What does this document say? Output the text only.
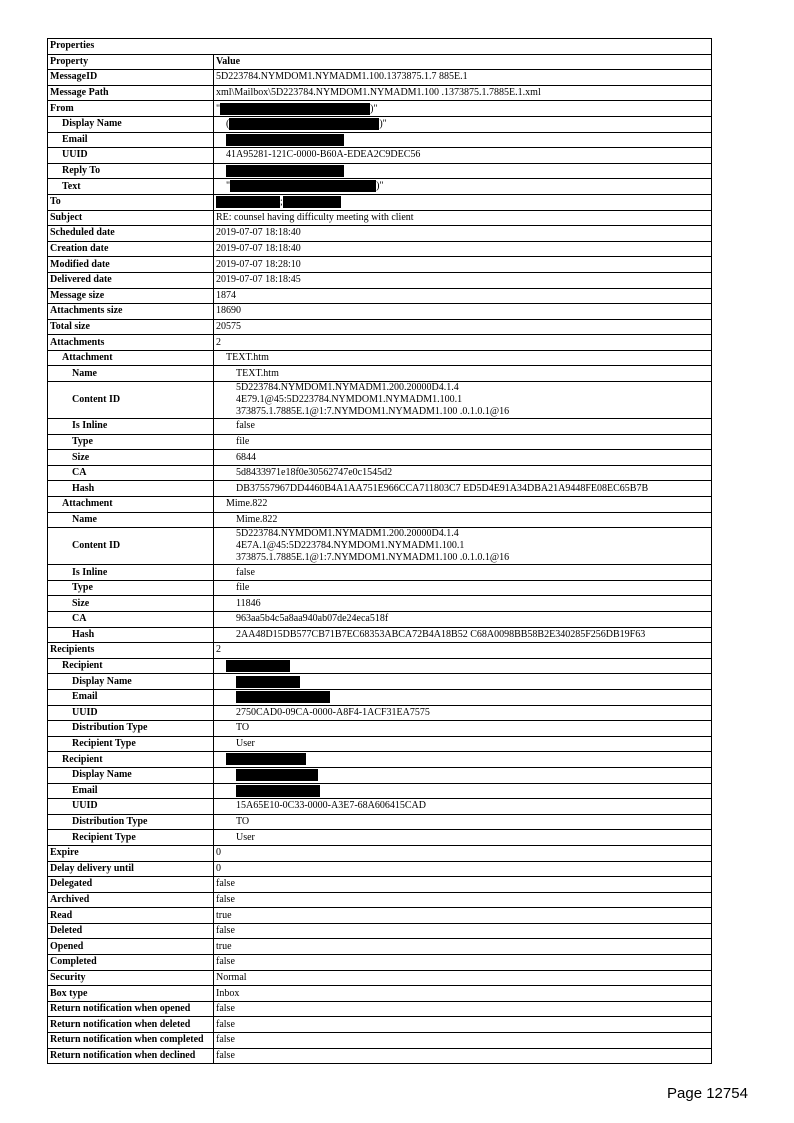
Properties	
Property	Value
MessageID	5D223784.NYMDOM1.NYMADM1.100.1373875.1.7 885E.1
Message Path	xml\Mailbox\5D223784.NYMDOM1.NYMADM1.100 .1373875.1.7885E.1.xml
From	" )"
Display Name	( )"
Email	
UUID	41A95281-121C-0000-B60A-EDEA2C9DEC56
Reply To	
Text	" )"
To	;
Subject	RE: counsel having difficulty meeting with client
Scheduled date	2019-07-07 18:18:40
Creation date	2019-07-07 18:18:40
Modified date	2019-07-07 18:28:10
Delivered date	2019-07-07 18:18:45
Message size	1874
Attachments size	18690
Total size	20575
Attachments	2
Attachment	TEXT.htm
Name	TEXT.htm
Content ID	5D223784.NYMDOM1.NYMADM1.200.20000D4.1.4
4E79.1@45:5D223784.NYMDOM1.NYMADM1.100.1
373875.1.7885E.1@1:7.NYMDOM1.NYMADM1.100 .0.1.0.1@16
Is Inline	false
Type	file
Size	6844
CA	5d8433971e18f0e30562747e0c1545d2
Hash	DB37557967DD4460B4A1AA751E966CCA711803C7 ED5D4E91A34DBA21A9448FE08EC65B7B
Attachment	Mime.822
Name	Mime.822
Content ID	5D223784.NYMDOM1.NYMADM1.200.20000D4.1.4
4E7A.1@45:5D223784.NYMDOM1.NYMADM1.100.1
373875.1.7885E.1@1:7.NYMDOM1.NYMADM1.100 .0.1.0.1@16
Is Inline	false
Type	file
Size	11846
CA	963aa5b4c5a8aa940ab07de24eca518f
Hash	2AA48D15DB577CB71B7EC68353ABCA72B4A18B52 C68A0098BB58B2E340285F256DB19F63
Recipients	2
Recipient	
Display Name	
Email	
UUID	2750CAD0-09CA-0000-A8F4-1ACF31EA7575
Distribution Type	TO
Recipient Type	User
Recipient	
Display Name	
Email	
UUID	15A65E10-0C33-0000-A3E7-68A606415CAD
Distribution Type	TO
Recipient Type	User
Expire	0
Delay delivery until	0
Delegated	false
Archived	false
Read	true
Deleted	false
Opened	true
Completed	false
Security	Normal
Box type	Inbox
Return notification when opened	false
Return notification when deleted	false
Return notification when completed	false
Return notification when declined	false
Page 12754
